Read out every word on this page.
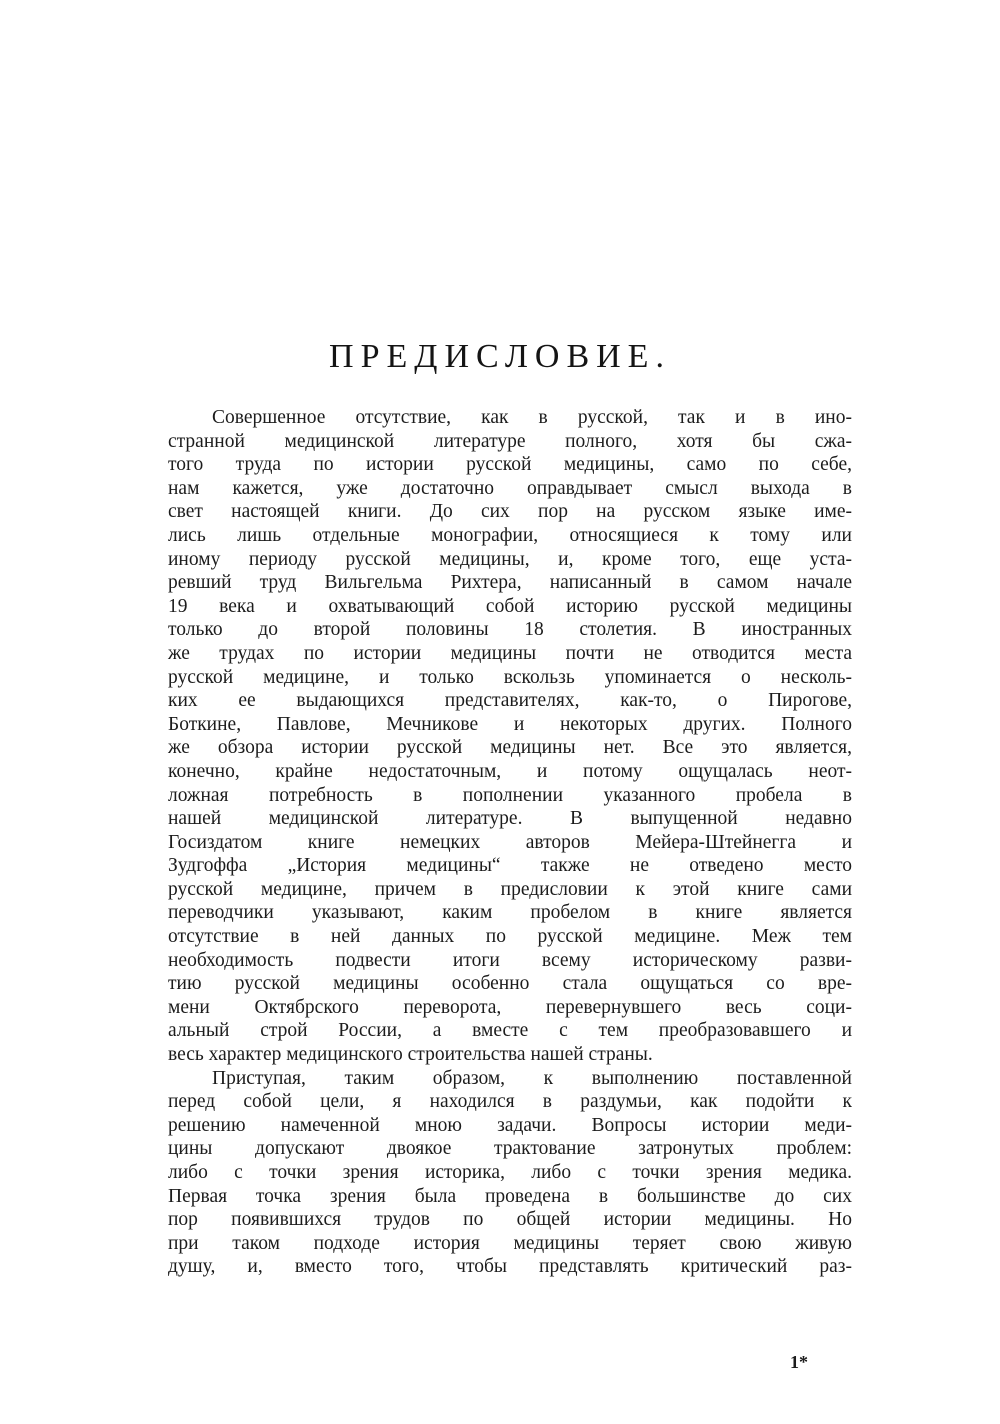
ПРЕДИСЛОВИЕ.
Совершенное отсутствие, как в русской, так и в ино-
странной медицинской литературе полного, хотя бы сжа-
того труда по истории русской медицины, само по себе,
нам кажется, уже достаточно оправдывает смысл выхода в
свет настоящей книги. До сих пор на русском языке име-
лись лишь отдельные монографии, относящиеся к тому или
иному периоду русской медицины, и, кроме того, еще уста-
ревший труд Вильгельма Рихтера, написанный в самом начале
19 века и охватывающий собой историю русской медицины
только до второй половины 18 столетия. В иностранных
же трудах по истории медицины почти не отводится места
русской медицине, и только вскользь упоминается о несколь-
ких ее выдающихся представителях, как-то, о Пирогове,
Боткине, Павлове, Мечникове и некоторых других. Полного
же обзора истории русской медицины нет. Все это является,
конечно, крайне недостаточным, и потому ощущалась неот-
ложная потребность в пополнении указанного пробела в
нашей медицинской литературе. В выпущенной недавно
Госиздатом книге немецких авторов Мейера-Штейнегга и
Зудгоффа „История медицины“ также не отведено место
русской медицине, причем в предисловии к этой книге сами
переводчики указывают, каким пробелом в книге является
отсутствие в ней данных по русской медицине. Меж тем
необходимость подвести итоги всему историческому разви-
тию русской медицины особенно стала ощущаться со вре-
мени Октябрского переворота, перевернувшего весь соци-
альный строй России, а вместе с тем преобразовавшего и
весь характер медицинского строительства нашей страны.
Приступая, таким образом, к выполнению поставленной
перед собой цели, я находился в раздумьи, как подойти к
решению намеченной мною задачи. Вопросы истории меди-
цины допускают двоякое трактование затронутых проблем:
либо с точки зрения историка, либо с точки зрения медика.
Первая точка зрения была проведена в большинстве до сих
пор появившихся трудов по общей истории медицины. Но
при таком подходе история медицины теряет свою живую
душу, и, вместо того, чтобы представлять критический раз-
1*
